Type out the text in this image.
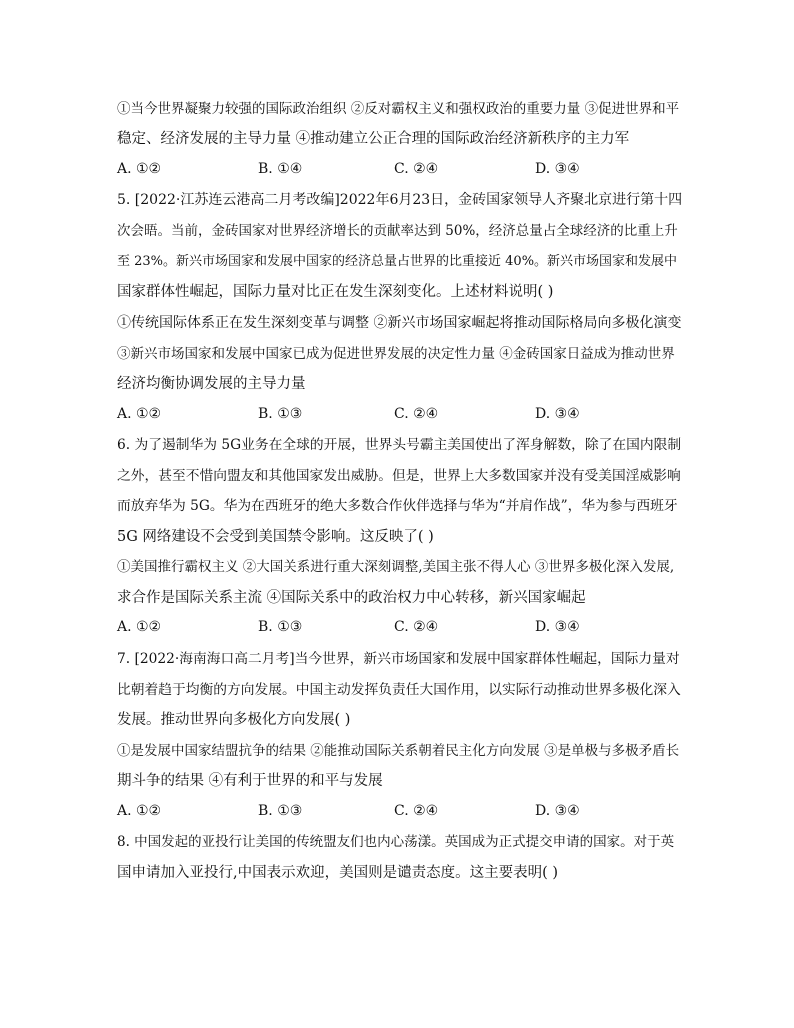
①当今世界凝聚力较强的国际政治组织 ②反对霸权主义和强权政治的重要力量 ③促进世界和平
稳定、经济发展的主导力量 ④推动建立公正合理的国际政治经济新秩序的主力军
A. ①②	B. ①④	C. ②④	D. ③④
5. [2022·江苏连云港高二月考改编]2022年6月23日，金砖国家领导人齐聚北京进行第十四
次会晤。当前，金砖国家对世界经济增长的贡献率达到 50%，经济总量占全球经济的比重上升
至 23%。新兴市场国家和发展中国家的经济总量占世界的比重接近 40%。新兴市场国家和发展中
国家群体性崛起，国际力量对比正在发生深刻变化。上述材料说明( )
①传统国际体系正在发生深刻变革与调整 ②新兴市场国家崛起将推动国际格局向多极化演变
③新兴市场国家和发展中国家已成为促进世界发展的决定性力量 ④金砖国家日益成为推动世界
经济均衡协调发展的主导力量
A. ①②	B. ①③	C. ②④	D. ③④
6. 为了遏制华为 5G业务在全球的开展，世界头号霸主美国使出了浑身解数，除了在国内限制
之外，甚至不惜向盟友和其他国家发出威胁。但是，世界上大多数国家并没有受美国淫威影响
而放弃华为 5G。华为在西班牙的绝大多数合作伙伴选择与华为“并肩作战”，华为参与西班牙
5G 网络建设不会受到美国禁令影响。这反映了( )
①美国推行霸权主义 ②大国关系进行重大深刻调整,美国主张不得人心 ③世界多极化深入发展,
求合作是国际关系主流 ④国际关系中的政治权力中心转移，新兴国家崛起
A. ①②	B. ①③	C. ②④	D. ③④
7. [2022·海南海口高二月考]当今世界，新兴市场国家和发展中国家群体性崛起，国际力量对
比朝着趋于均衡的方向发展。中国主动发挥负责任大国作用，以实际行动推动世界多极化深入
发展。推动世界向多极化方向发展( )
①是发展中国家结盟抗争的结果 ②能推动国际关系朝着民主化方向发展 ③是单极与多极矛盾长
期斗争的结果 ④有利于世界的和平与发展
A. ①②	B. ①③	C. ②④	D. ③④
8. 中国发起的亚投行让美国的传统盟友们也内心荡漾。英国成为正式提交申请的国家。对于英
国申请加入亚投行,中国表示欢迎，美国则是谴责态度。这主要表明( )
